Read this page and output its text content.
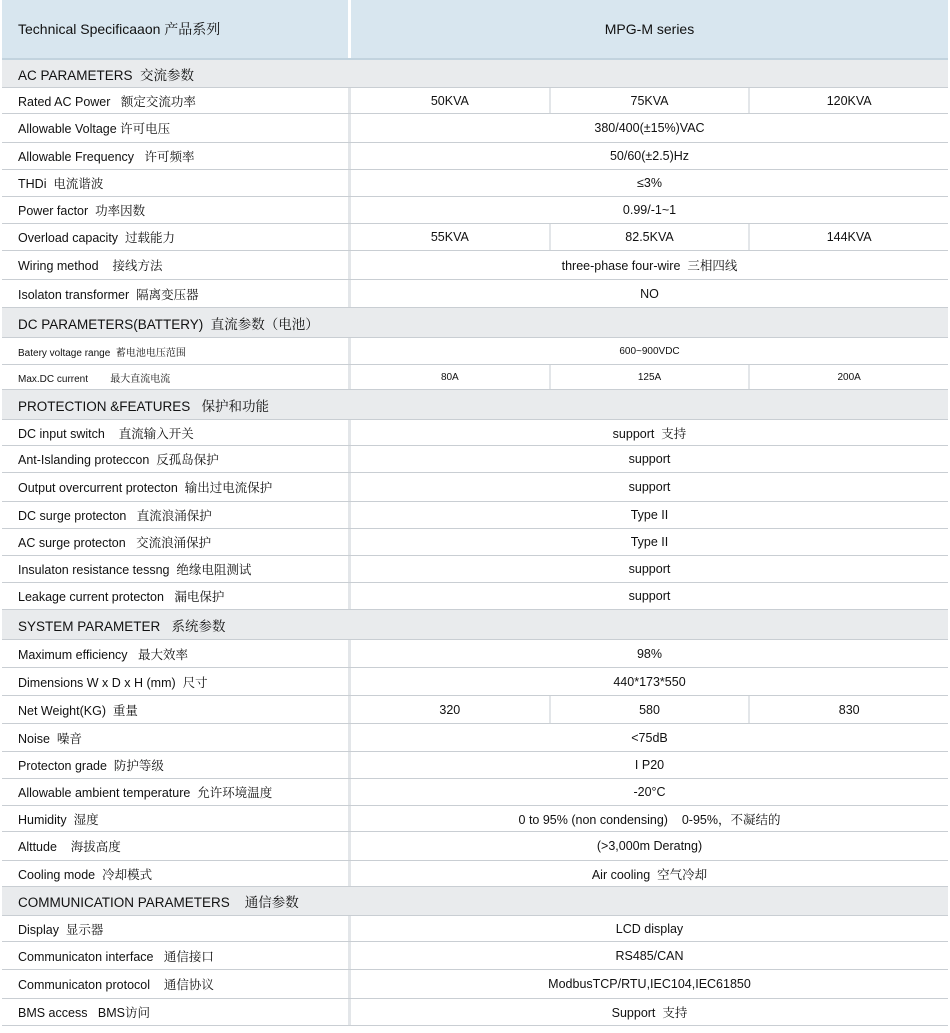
Technical Specificaaon 产品系列	MPG-M series
AC PARAMETERS  交流参数
Rated AC Power   额定交流功率	50KVA	75KVA	120KVA
Allowable Voltage 许可电压	380/400(±15%)VAC
Allowable Frequency   许可频率	50/60(±2.5)Hz
THDi  电流谐波	≤3%
Power factor  功率因数	0.99/-1~1
Overload capacity  过载能力	55KVA	82.5KVA	144KVA
Wiring method    接线方法	three-phase four-wire  三相四线
Isolaton transformer  隔离变压器	NO
DC PARAMETERS(BATTERY)  直流参数（电池）
Batery voltage range  蓄电池电压范围	600~900VDC
Max.DC current        最大直流电流	80A	125A	200A
PROTECTION &FEATURES   保护和功能
DC input switch    直流输入开关	support  支持
Ant-Islanding proteccon  反孤岛保护	support
Output overcurrent protecton  输出过电流保护	support
DC surge protecton   直流浪涌保护	Type II
AC surge protecton   交流浪涌保护	Type II
Insulaton resistance tessng  绝缘电阻测试	support
Leakage current protecton   漏电保护	support
SYSTEM PARAMETER   系统参数
Maximum efficiency   最大效率	98%
Dimensions W x D x H (mm)  尺寸	440*173*550
Net Weight(KG)  重量	320	580	830
Noise  噪音	<75dB
Protecton grade  防护等级	I P20
Allowable ambient temperature  允许环境温度	-20°C
Humidity  湿度	0 to 95% (non condensing)    0-95%，不凝结的
Alttude    海拔高度	(>3,000m Deratng)
Cooling mode  冷却模式	Air cooling  空气冷却
COMMUNICATION PARAMETERS    通信参数
Display  显示器	LCD display
Communicaton interface   通信接口	RS485/CAN
Communicaton protocol    通信协议	ModbusTCP/RTU,IEC104,IEC61850
BMS access   BMS访问	Support  支持
